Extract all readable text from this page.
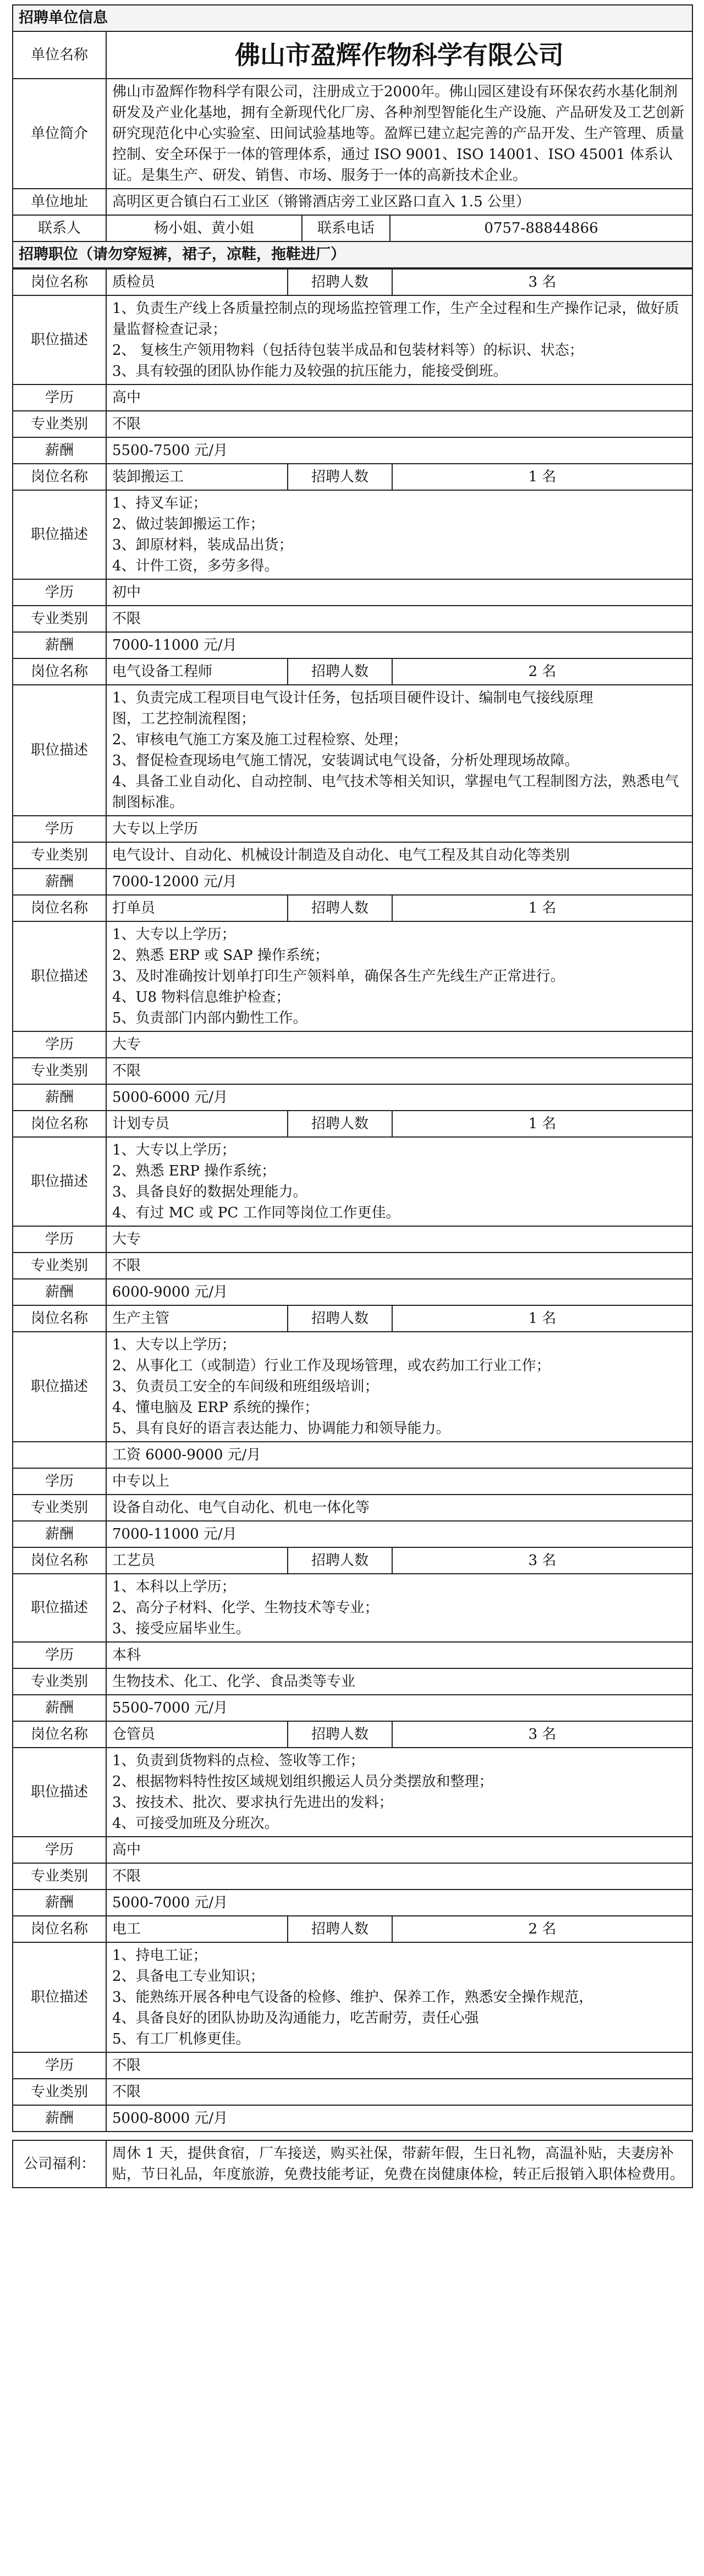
招聘单位信息			
单位名称	佛山市盈辉作物科学有限公司		
单位简介	佛山市盈辉作物科学有限公司，注册成立于2000年。佛山园区建设有环保农药水基化制剂研发及产业化基地，拥有全新现代化厂房、各种剂型智能化生产设施、产品研发及工艺创新研究现范化中心实验室、田间试验基地等。盈辉已建立起完善的产品开发、生产管理、质量控制、安全环保于一体的管理体系，通过 ISO 9001、ISO 14001、ISO 45001 体系认证。是集生产、研发、销售、市场、服务于一体的高新技术企业。		
单位地址	高明区更合镇白石工业区（锵锵酒店旁工业区路口直入 1.5 公里）		
联系人	杨小姐、黄小姐	联系电话	0757-88844866
招聘职位（请勿穿短裤，裙子，凉鞋，拖鞋进厂）			
岗位名称	质检员	招聘人数	3 名
职位描述	1、负责生产线上各质量控制点的现场监控管理工作，生产全过程和生产操作记录，做好质量监督检查记录；
2、 复核生产领用物料（包括待包装半成品和包装材料等）的标识、状态；
3、具有较强的团队协作能力及较强的抗压能力，能接受倒班。		

学历	高中		
专业类别	不限		
薪酬	5500-7500 元/月		
岗位名称	装卸搬运工	招聘人数	1 名
职位描述	1、持叉车证；
2、做过装卸搬运工作；
3、卸原材料，装成品出货；
4、计件工资，多劳多得。		

学历	初中		
专业类别	不限		
薪酬	7000-11000 元/月		
岗位名称	电气设备工程师	招聘人数	2 名
职位描述	1、负责完成工程项目电气设计任务，包括项目硬件设计、编制电气接线原理
图，工艺控制流程图；
2、审核电气施工方案及施工过程检察、处理；
3、督促检查现场电气施工情况，安装调试电气设备，分析处理现场故障。
4、具备工业自动化、自动控制、电气技术等相关知识，掌握电气工程制图方法，熟悉电气制图标准。		

学历	大专以上学历		
专业类别	电气设计、自动化、机械设计制造及自动化、电气工程及其自动化等类别		
薪酬	7000-12000 元/月		
岗位名称	打单员	招聘人数	1 名
职位描述	1、大专以上学历；
2、熟悉 ERP 或 SAP 操作系统；
3、及时准确按计划单打印生产领料单，确保各生产先线生产正常进行。
4、U8 物料信息维护检查；
5、负责部门内部内勤性工作。		

学历	大专		
专业类别	不限		
薪酬	5000-6000 元/月		
岗位名称	计划专员	招聘人数	1 名
职位描述	1、大专以上学历；
2、熟悉 ERP 操作系统；
3、具备良好的数据处理能力。
4、有过 MC 或 PC 工作同等岗位工作更佳。		

学历	大专		
专业类别	不限		
薪酬	6000-9000 元/月		
岗位名称	生产主管	招聘人数	1 名
职位描述	1、大专以上学历；
2、从事化工（或制造）行业工作及现场管理，或农药加工行业工作；
3、负责员工安全的车间级和班组级培训；
4、懂电脑及 ERP 系统的操作；
5、具有良好的语言表达能力、协调能力和领导能力。		

	工资 6000-9000 元/月		
学历	中专以上		
专业类别	设备自动化、电气自动化、机电一体化等		
薪酬	7000-11000 元/月		
岗位名称	工艺员	招聘人数	3 名
职位描述	1、本科以上学历；
2、高分子材料、化学、生物技术等专业；
3、接受应届毕业生。		

学历	本科		
专业类别	生物技术、化工、化学、食品类等专业		
薪酬	5500-7000 元/月		
岗位名称	仓管员	招聘人数	3 名
职位描述	1、负责到货物料的点检、签收等工作；
2、根据物料特性按区域规划组织搬运人员分类摆放和整理；
3、按技术、批次、要求执行先进出的发料；
4、可接受加班及分班次。		

学历	高中		
专业类别	不限		
薪酬	5000-7000 元/月		
岗位名称	电工	招聘人数	2 名
职位描述	1、持电工证；
2、具备电工专业知识；
3、能熟练开展各种电气设备的检修、维护、保养工作，熟悉安全操作规范，
4、具备良好的团队协助及沟通能力，吃苦耐劳，责任心强
5、有工厂机修更佳。		

学历	不限		
专业类别	不限		
薪酬	5000-8000 元/月		
公司福利：	周休 1 天，提供食宿，厂车接送，购买社保，带薪年假，生日礼物，高温补贴，夫妻房补贴，节日礼品，年度旅游，免费技能考证，免费在岗健康体检，转正后报销入职体检费用。
